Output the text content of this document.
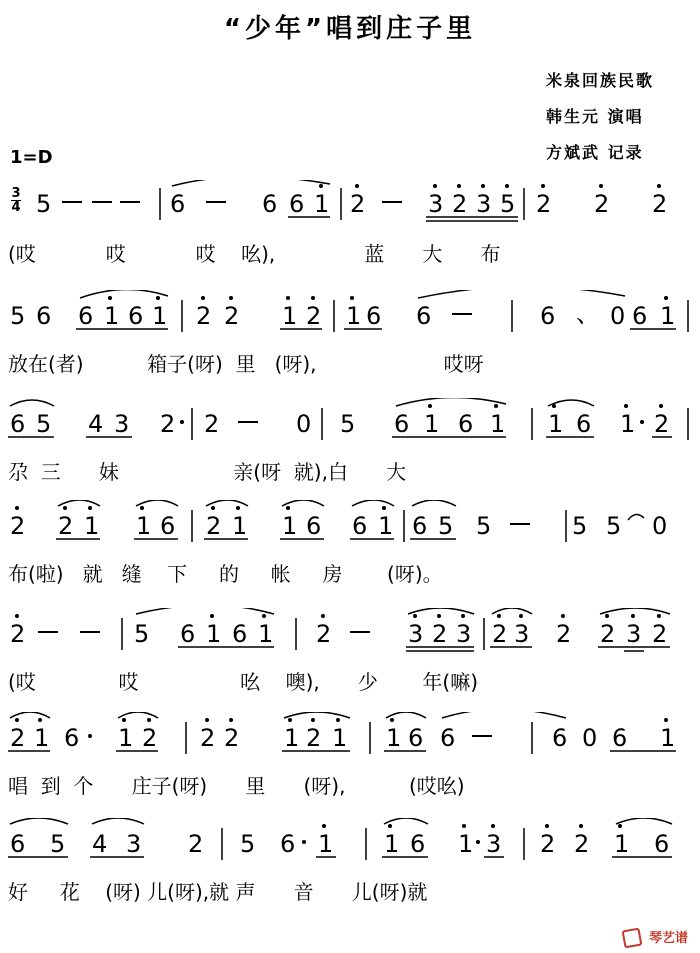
“少年”唱到庄子里
米泉回族民歌
韩生元 演唱
方斌武 记录
1=D
3
4 5	6	6 6 1 2	3 2 3 5 2 2 2
(哎           哎           哎    吆),              蓝      大      布
5 6 6 1 6 1 2 2 1 2 1 6 6	6 、 0 6 1
放在(者)          箱子(呀)  里   (呀),                    哎呀
6 5 4 3 2 2	0 5 6 1 6 1 1 6 1 2
尕  三      妹                  亲(呀  就),白      大
2 2 1 1 6 2 1 1 6 6 1 6 5 5	5 5 0
布(啦)   就   缝    下     的     帐     房       (呀)。
2	5 6 1 6 1 2	3 2 3 2 3 2 2 3 2
(哎             哎                吆    噢),      少       年(嘛)
2 1 6 1 2 2 2 1 2 1 1 6 6	6 0 6 1
唱  到  个      庄子(呀)      里      (呀),          (哎吆)
6 5 4 3 2 5 6 1 1 6 1 3 2 2 1 6
好     花    (呀) 儿(呀),就 声      音      儿(呀)就
琴艺谱
